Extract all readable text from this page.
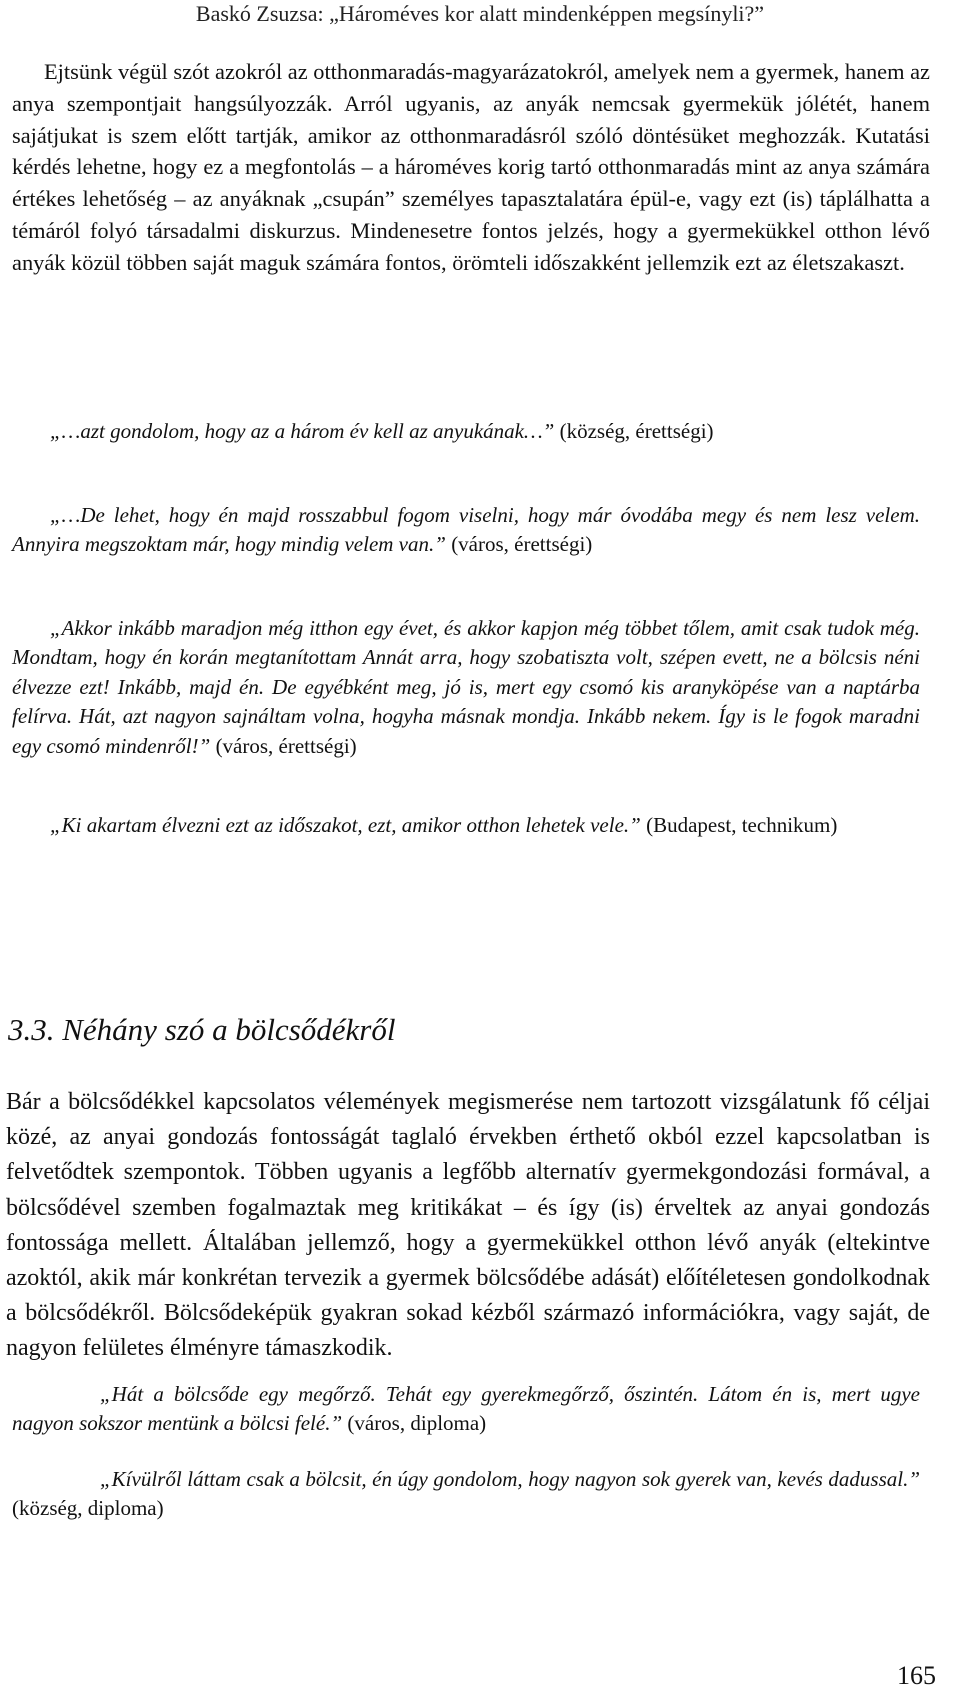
Baskó Zsuzsa: „Hároméves kor alatt mindenképpen megsínyli?”

Ejtsünk végül szót azokról az otthonmaradás-magyarázatokról, amelyek nem a gyermek, hanem az anya szempontjait hangsúlyozzák. Arról ugyanis, az anyák nemcsak gyermekük jólétét, hanem sajátjukat is szem előtt tartják, amikor az otthonmaradásról szóló döntésüket meghozzák. Kutatási kérdés lehetne, hogy ez a megfontolás – a hároméves korig tartó otthonmaradás mint az anya számára értékes lehetőség – az anyáknak „csupán” személyes tapasztalatára épül-e, vagy ezt (is) táplálhatta a témáról folyó társadalmi diskurzus. Mindenesetre fontos jelzés, hogy a gyermekükkel otthon lévő anyák közül többen saját maguk számára fontos, örömteli időszakként jellemzik ezt az életszakaszt.

„…azt gondolom, hogy az a három év kell az anyukának…” (község, érettségi)

„…De lehet, hogy én majd rosszabbul fogom viselni, hogy már óvodába megy és nem lesz velem. Annyira megszoktam már, hogy mindig velem van.” (város, érettségi)

„Akkor inkább maradjon még itthon egy évet, és akkor kapjon még többet tőlem, amit csak tudok még. Mondtam, hogy én korán megtanítottam Annát arra, hogy szobatiszta volt, szépen evett, ne a bölcsis néni élvezze ezt! Inkább, majd én. De egyébként meg, jó is, mert egy csomó kis aranyköpése van a naptárba felírva. Hát, azt nagyon sajnáltam volna, hogyha másnak mondja. Inkább nekem. Így is le fogok maradni egy csomó mindenről!” (város, érettségi)

„Ki akartam élvezni ezt az időszakot, ezt, amikor otthon lehetek vele.” (Budapest, technikum)

3.3. Néhány szó a bölcsődékről

Bár a bölcsődékkel kapcsolatos vélemények megismerése nem tartozott vizsgálatunk fő céljai közé, az anyai gondozás fontosságát taglaló érvekben érthető okból ezzel kapcsolatban is felvetődtek szempontok. Többen ugyanis a legfőbb alternatív gyermekgondozási formával, a bölcsődével szemben fogalmaztak meg kritikákat – és így (is) érveltek az anyai gondozás fontossága mellett. Általában jellemző, hogy a gyermekükkel otthon lévő anyák (eltekintve azoktól, akik már konkrétan tervezik a gyermek bölcsődébe adását) előítéletesen gondolkodnak a bölcsődékről. Bölcsődeképük gyakran sokad kézből származó információkra, vagy saját, de nagyon felületes élményre támaszkodik.

„Hát a bölcsőde egy megőrző. Tehát egy gyerekmegőrző, őszintén. Látom én is, mert ugye nagyon sokszor mentünk a bölcsi felé.” (város, diploma)

„Kívülről láttam csak a bölcsit, én úgy gondolom, hogy nagyon sok gyerek van, kevés dadussal.” (község, diploma)

165
